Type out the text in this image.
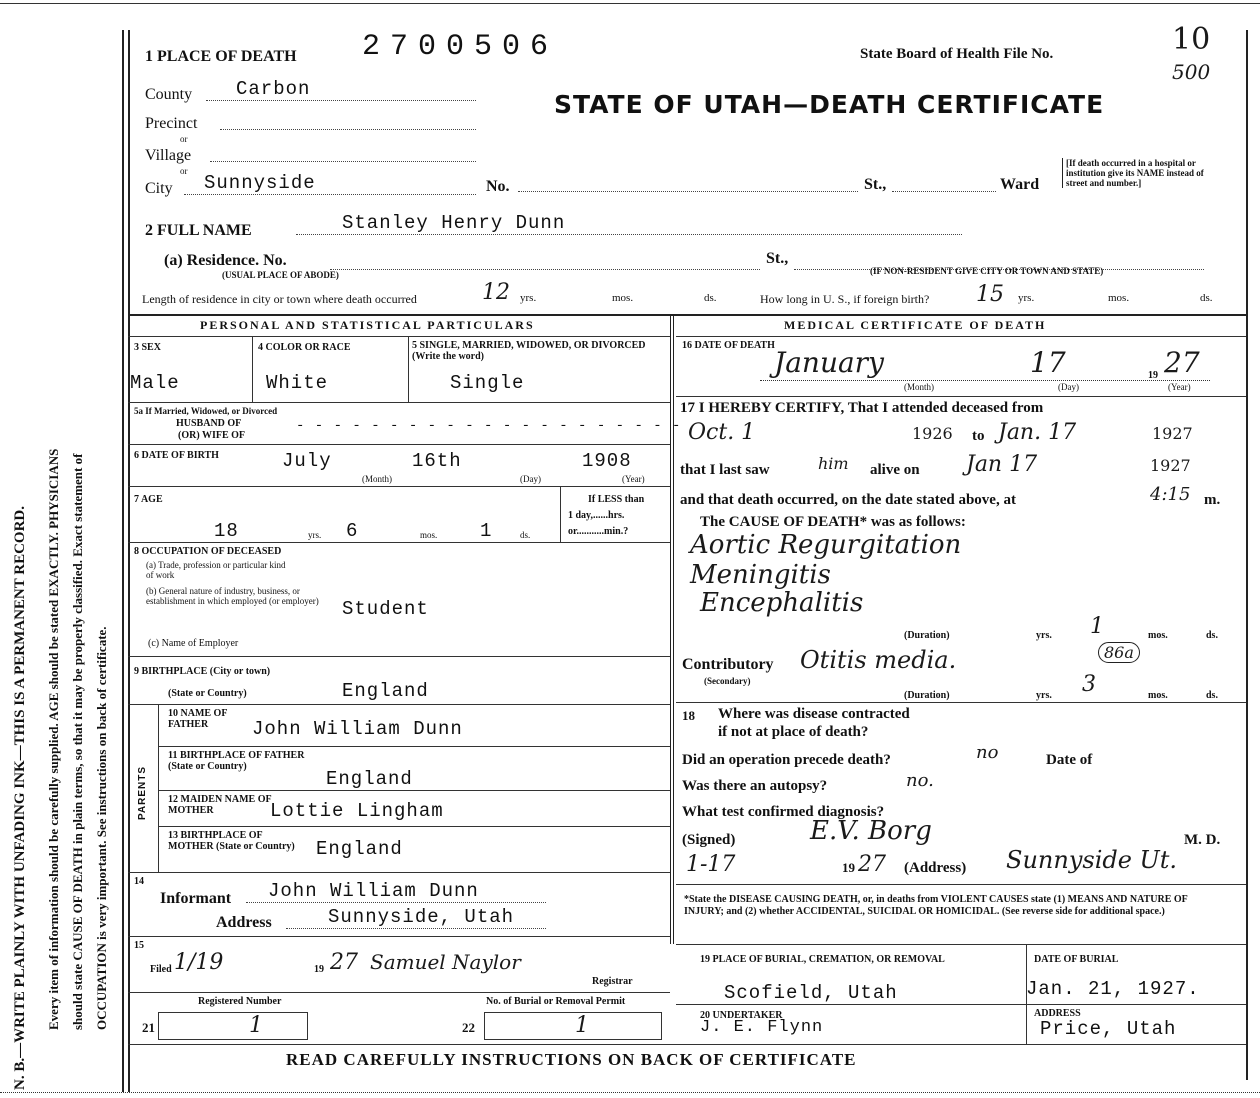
N. B.—WRITE PLAINLY WITH UNFADING INK—THIS IS A PERMANENT RECORD. Every item of information should be carefully supplied. AGE should be stated EXACTLY. PHYSICIANS should state CAUSE OF DEATH in plain terms, so that it may be properly classified. Exact statement of OCCUPATION is very important. See instructions on back of certificate.
1 PLACE OF DEATH 2700506	State Board of Health File No.	10
500
STATE OF UTAH—DEATH CERTIFICATE
County	Carbon
Precinct
or
Village
or
City	Sunnyside	No.	St.,	Ward
[If death occurred in a hospital or institution give its NAME instead of street and number.]
2 FULL NAME	Stanley Henry Dunn
(a) Residence. No.
(USUAL PLACE OF ABODE)
St.,
(IF NON-RESIDENT GIVE CITY OR TOWN AND STATE)
Length of residence in city or town where death occurred	12 yrs.	mos.	ds.	How long in U. S., if foreign birth? 15 yrs.	mos.	ds.
PERSONAL AND STATISTICAL PARTICULARS	MEDICAL CERTIFICATE OF DEATH
3 SEX
Male
4 COLOR OR RACE
White
5 SINGLE, MARRIED, WIDOWED, OR DIVORCED (Write the word)
Single
5a If Married, Widowed, or Divorced
HUSBAND OF
(OR) WIFE OF
- - - - - - - - - - - - - - - - - - - - -
6 DATE OF BIRTH	July	16th	1908
(Month)	(Day)	(Year)
7 AGE
18	yrs. 6	mos. 1	ds.
If LESS than
1 day,......hrs.
or...........min.?
8 OCCUPATION OF DECEASED
(a) Trade, profession or particular kind of work
(b) General nature of industry, business, or establishment in which employed (or employer)	Student
(c) Name of Employer
9 BIRTHPLACE (City or town)
(State or Country)	England
PARENTS
10 NAME OF FATHER	John William Dunn
11 BIRTHPLACE OF FATHER (State or Country)
England
12 MAIDEN NAME OF MOTHER	Lottie Lingham
13 BIRTHPLACE OF MOTHER (State or Country)	England
14
Informant	John William Dunn
Address	Sunnyside, Utah
15
Filed 1/19	19 27 Samuel Naylor
Registrar
Registered Number	No. of Burial or Removal Permit
21	1	22	1
16 DATE OF DEATH
January	17	19 27
(Month)	(Day)	(Year)
17 I HEREBY CERTIFY, That I attended deceased from
Oct. 1	1926 to Jan. 17	1927
that I last saw	him alive on Jan 17	1927
and that death occurred, on the date stated above, at	4:15 m.
The CAUSE OF DEATH* was as follows:
Aortic Regurgitation
Meningitis
Encephalitis
(Duration)	yrs. 1	mos.	ds.
Contributory
(Secondary)
Otitis media.	86a
(Duration)	yrs. 3	mos.	ds.
18 Where was disease contracted
if not at place of death?
Did an operation precede death?	no	Date of
Was there an autopsy?	no.
What test confirmed diagnosis?
(Signed)	E.V. Borg	M. D.
1-17	19 27 (Address) Sunnyside Ut.
*State the DISEASE CAUSING DEATH, or, in deaths from VIOLENT CAUSES state (1) MEANS AND NATURE OF INJURY; and (2) whether ACCIDENTAL, SUICIDAL OR HOMICIDAL. (See reverse side for additional space.)
19 PLACE OF BURIAL, CREMATION, OR REMOVAL
Scofield, Utah
DATE OF BURIAL
Jan. 21, 1927.
20 UNDERTAKER
J. E. Flynn
ADDRESS
Price, Utah
READ CAREFULLY INSTRUCTIONS ON BACK OF CERTIFICATE
